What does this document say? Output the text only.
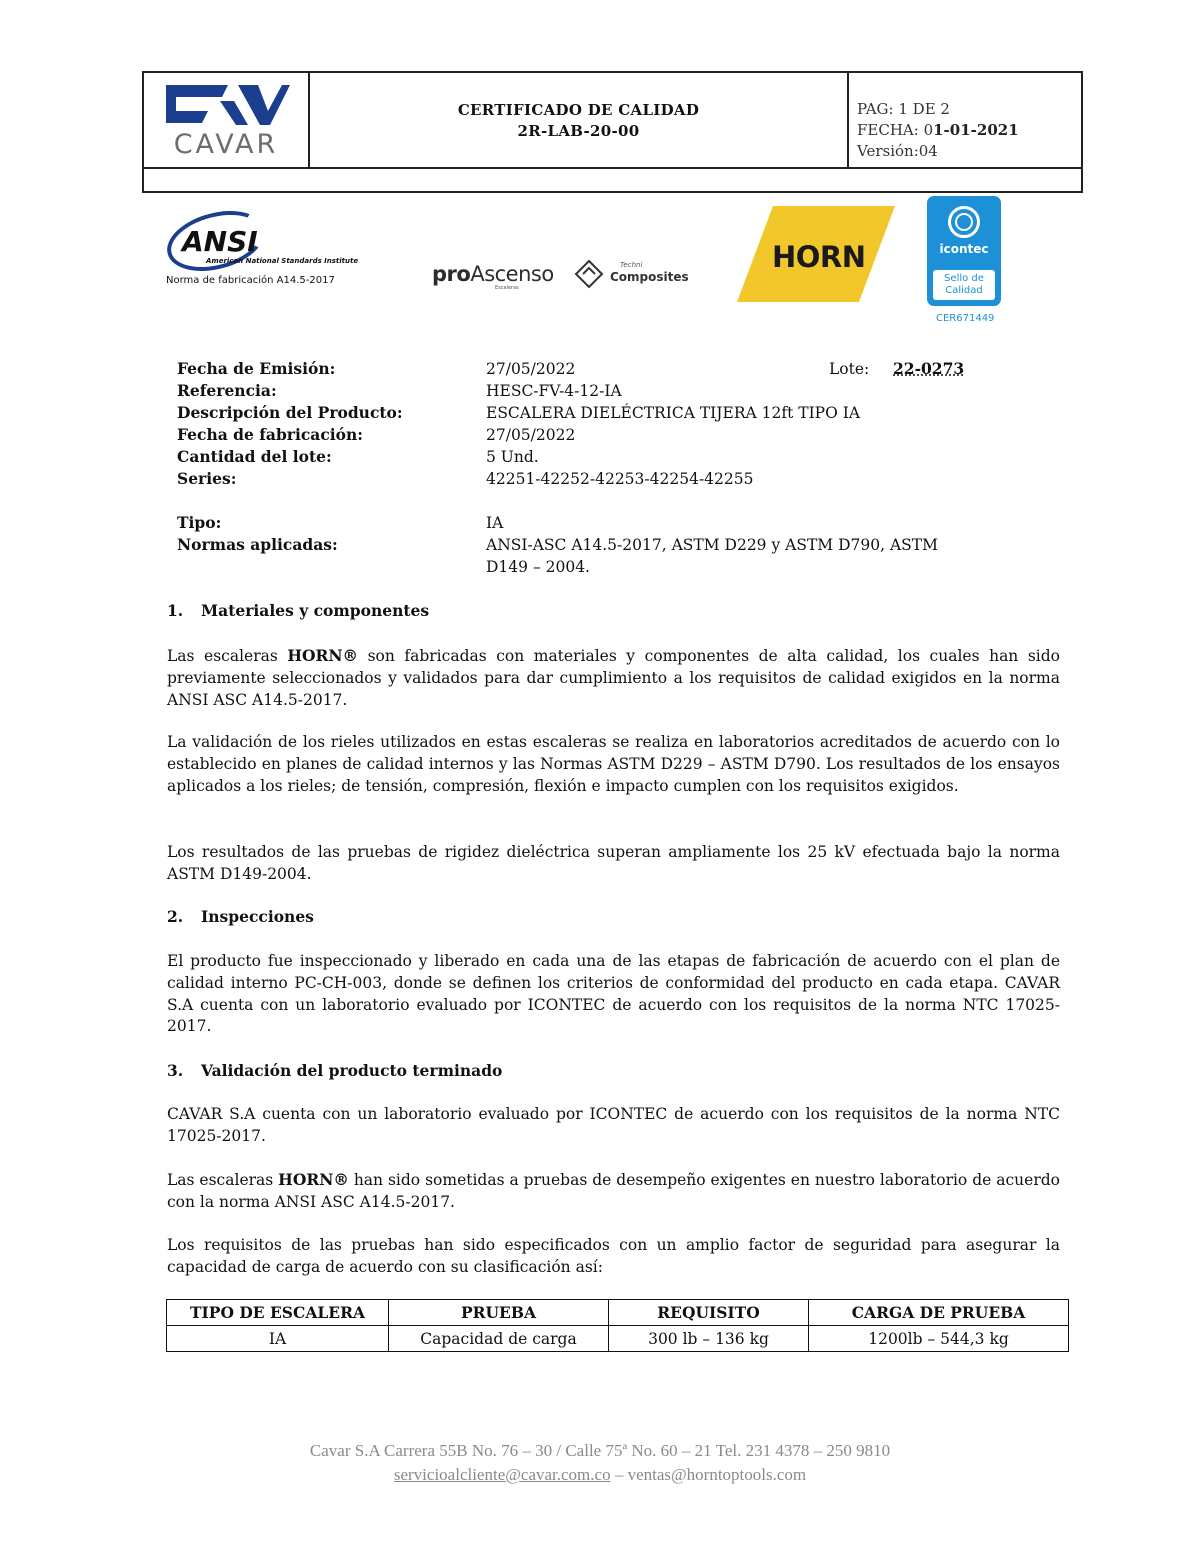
CAVAR
CERTIFICADO DE CALIDAD
2R-LAB-20-00
PAG: 1 DE 2
FECHA: 01-01-2021
Versión:04
ANSI
American National Standards Institute
Norma de fabricación A14.5-2017	proAscenso
Escaleras
Techni
Composites
HORN	icontec
Sello de
Calidad
CER671449
Fecha de Emisión:	27/05/2022	Lote: 22-0273
Referencia:	HESC-FV-4-12-IA
Descripción del Producto:	ESCALERA DIELÉCTRICA TIJERA 12ft TIPO IA
Fecha de fabricación:	27/05/2022
Cantidad del lote:	5 Und.
Series:	42251-42252-42253-42254-42255
Tipo:	IA
Normas aplicadas:	ANSI-ASC A14.5-2017, ASTM D229 y ASTM D790, ASTM
D149 – 2004.
1. Materiales y componentes
Las escaleras HORN® son fabricadas con materiales y componentes de alta calidad, los cuales han sido previamente seleccionados y validados para dar cumplimiento a los requisitos de calidad exigidos en la norma ANSI ASC A14.5-2017.
La validación de los rieles utilizados en estas escaleras se realiza en laboratorios acreditados de acuerdo con lo establecido en planes de calidad internos y las Normas ASTM D229 – ASTM D790. Los resultados de los ensayos aplicados a los rieles; de tensión, compresión, flexión e impacto cumplen con los requisitos exigidos.
Los resultados de las pruebas de rigidez dieléctrica superan ampliamente los 25 kV efectuada bajo la norma ASTM D149-2004.
2. Inspecciones
El producto fue inspeccionado y liberado en cada una de las etapas de fabricación de acuerdo con el plan de calidad interno PC-CH-003, donde se definen los criterios de conformidad del producto en cada etapa. CAVAR S.A cuenta con un laboratorio evaluado por ICONTEC de acuerdo con los requisitos de la norma NTC 17025-2017.
3. Validación del producto terminado
CAVAR S.A cuenta con un laboratorio evaluado por ICONTEC de acuerdo con los requisitos de la norma NTC 17025-2017.
Las escaleras HORN® han sido sometidas a pruebas de desempeño exigentes en nuestro laboratorio de acuerdo con la norma ANSI ASC A14.5-2017.
Los requisitos de las pruebas han sido especificados con un amplio factor de seguridad para asegurar la capacidad de carga de acuerdo con su clasificación así:
TIPO DE ESCALERA	PRUEBA	REQUISITO	CARGA DE PRUEBA
IA	Capacidad de carga	300 lb – 136 kg	1200lb – 544,3 kg
Cavar S.A Carrera 55B No. 76 – 30 / Calle 75ª No. 60 – 21 Tel. 231 4378 – 250 9810
servicioalcliente@cavar.com.co – ventas@horntoptools.com
